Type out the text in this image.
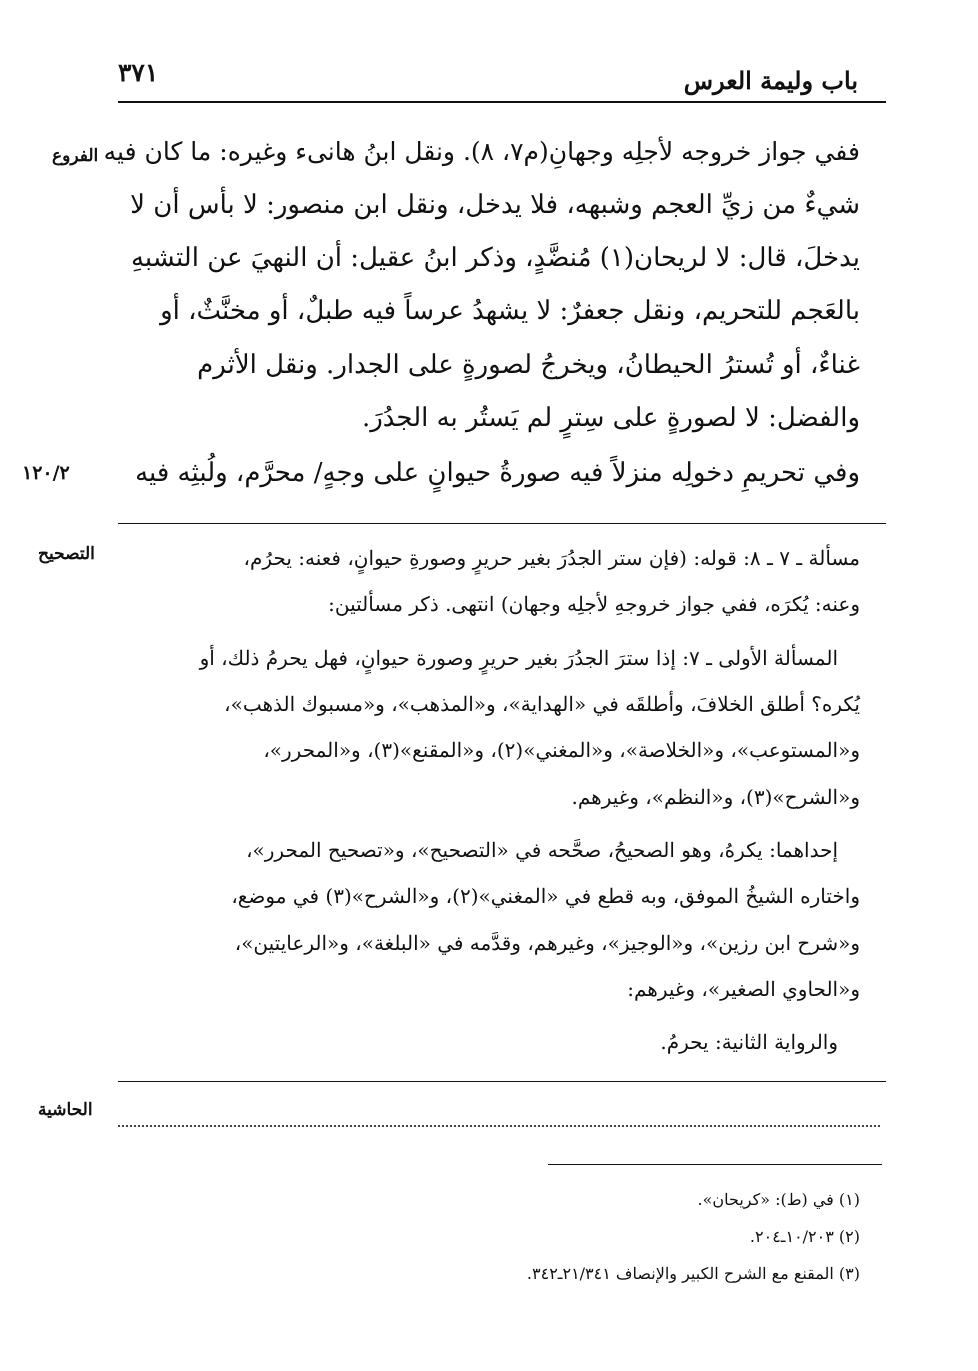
٣٧١	باب وليمة العرس
الفروع
التصحيح
الحاشية
١٢٠/٢
ففي جواز خروجه لأجلِه وجهانِ(م٧، ٨). ونقل ابنُ هانىء وغيره: ما كان فيه
شيءٌ من زيِّ العجم وشبهه، فلا يدخل، ونقل ابن منصور: لا بأس أن لا
يدخلَ، قال: لا لريحان(١) مُنضَّدٍ، وذكر ابنُ عقيل: أن النهيَ عن التشبهِ
بالعَجم للتحريم، ونقل جعفرٌ: لا يشهدُ عرساً فيه طبلٌ، أو مخنَّثٌ، أو
غناءٌ، أو تُسترُ الحيطانُ، ويخرجُ لصورةٍ على الجدار. ونقل الأثرم
والفضل: لا لصورةٍ على سِترٍ لم يَستُر به الجدُرَ.
وفي تحريمِ دخولِه منزلاً فيه صورةُ حيوانٍ على وجهٍ/ محرَّم، ولُبثِه فيه
مسألة ـ ٧ ـ ٨: قوله: (فإن ستر الجدُرَ بغير حريرٍ وصورةِ حيوانٍ، فعنه: يحرُم،
وعنه: يُكرَه، ففي جواز خروجهِ لأجلِه وجهان) انتهى. ذكر مسألتين:
المسألة الأولى ـ ٧: إذا سترَ الجدُرَ بغير حريرٍ وصورة حيوانٍ، فهل يحرمُ ذلك، أو
يُكره؟ أطلق الخلافَ، وأطلقَه في «الهداية»، و«المذهب»، و«مسبوك الذهب»،
و«المستوعب»، و«الخلاصة»، و«المغني»(٢)، و«المقنع»(٣)، و«المحرر»،
و«الشرح»(٣)، و«النظم»، وغيرهم.
إحداهما: يكرهُ، وهو الصحيحُ، صحَّحه في «التصحيح»، و«تصحيح المحرر»،
واختاره الشيخُ الموفق، وبه قطع في «المغني»(٢)، و«الشرح»(٣) في موضع،
و«شرح ابن رزين»، و«الوجيز»، وغيرهم، وقدَّمه في «البلغة»، و«الرعايتين»،
و«الحاوي الصغير»، وغيرهم:
والرواية الثانية: يحرمُ.
(١) في (ط): «كريحان».
(٢) ١٠/٢٠٣ـ٢٠٤.
(٣) المقنع مع الشرح الكبير والإنصاف ٢١/٣٤١ـ٣٤٢.
